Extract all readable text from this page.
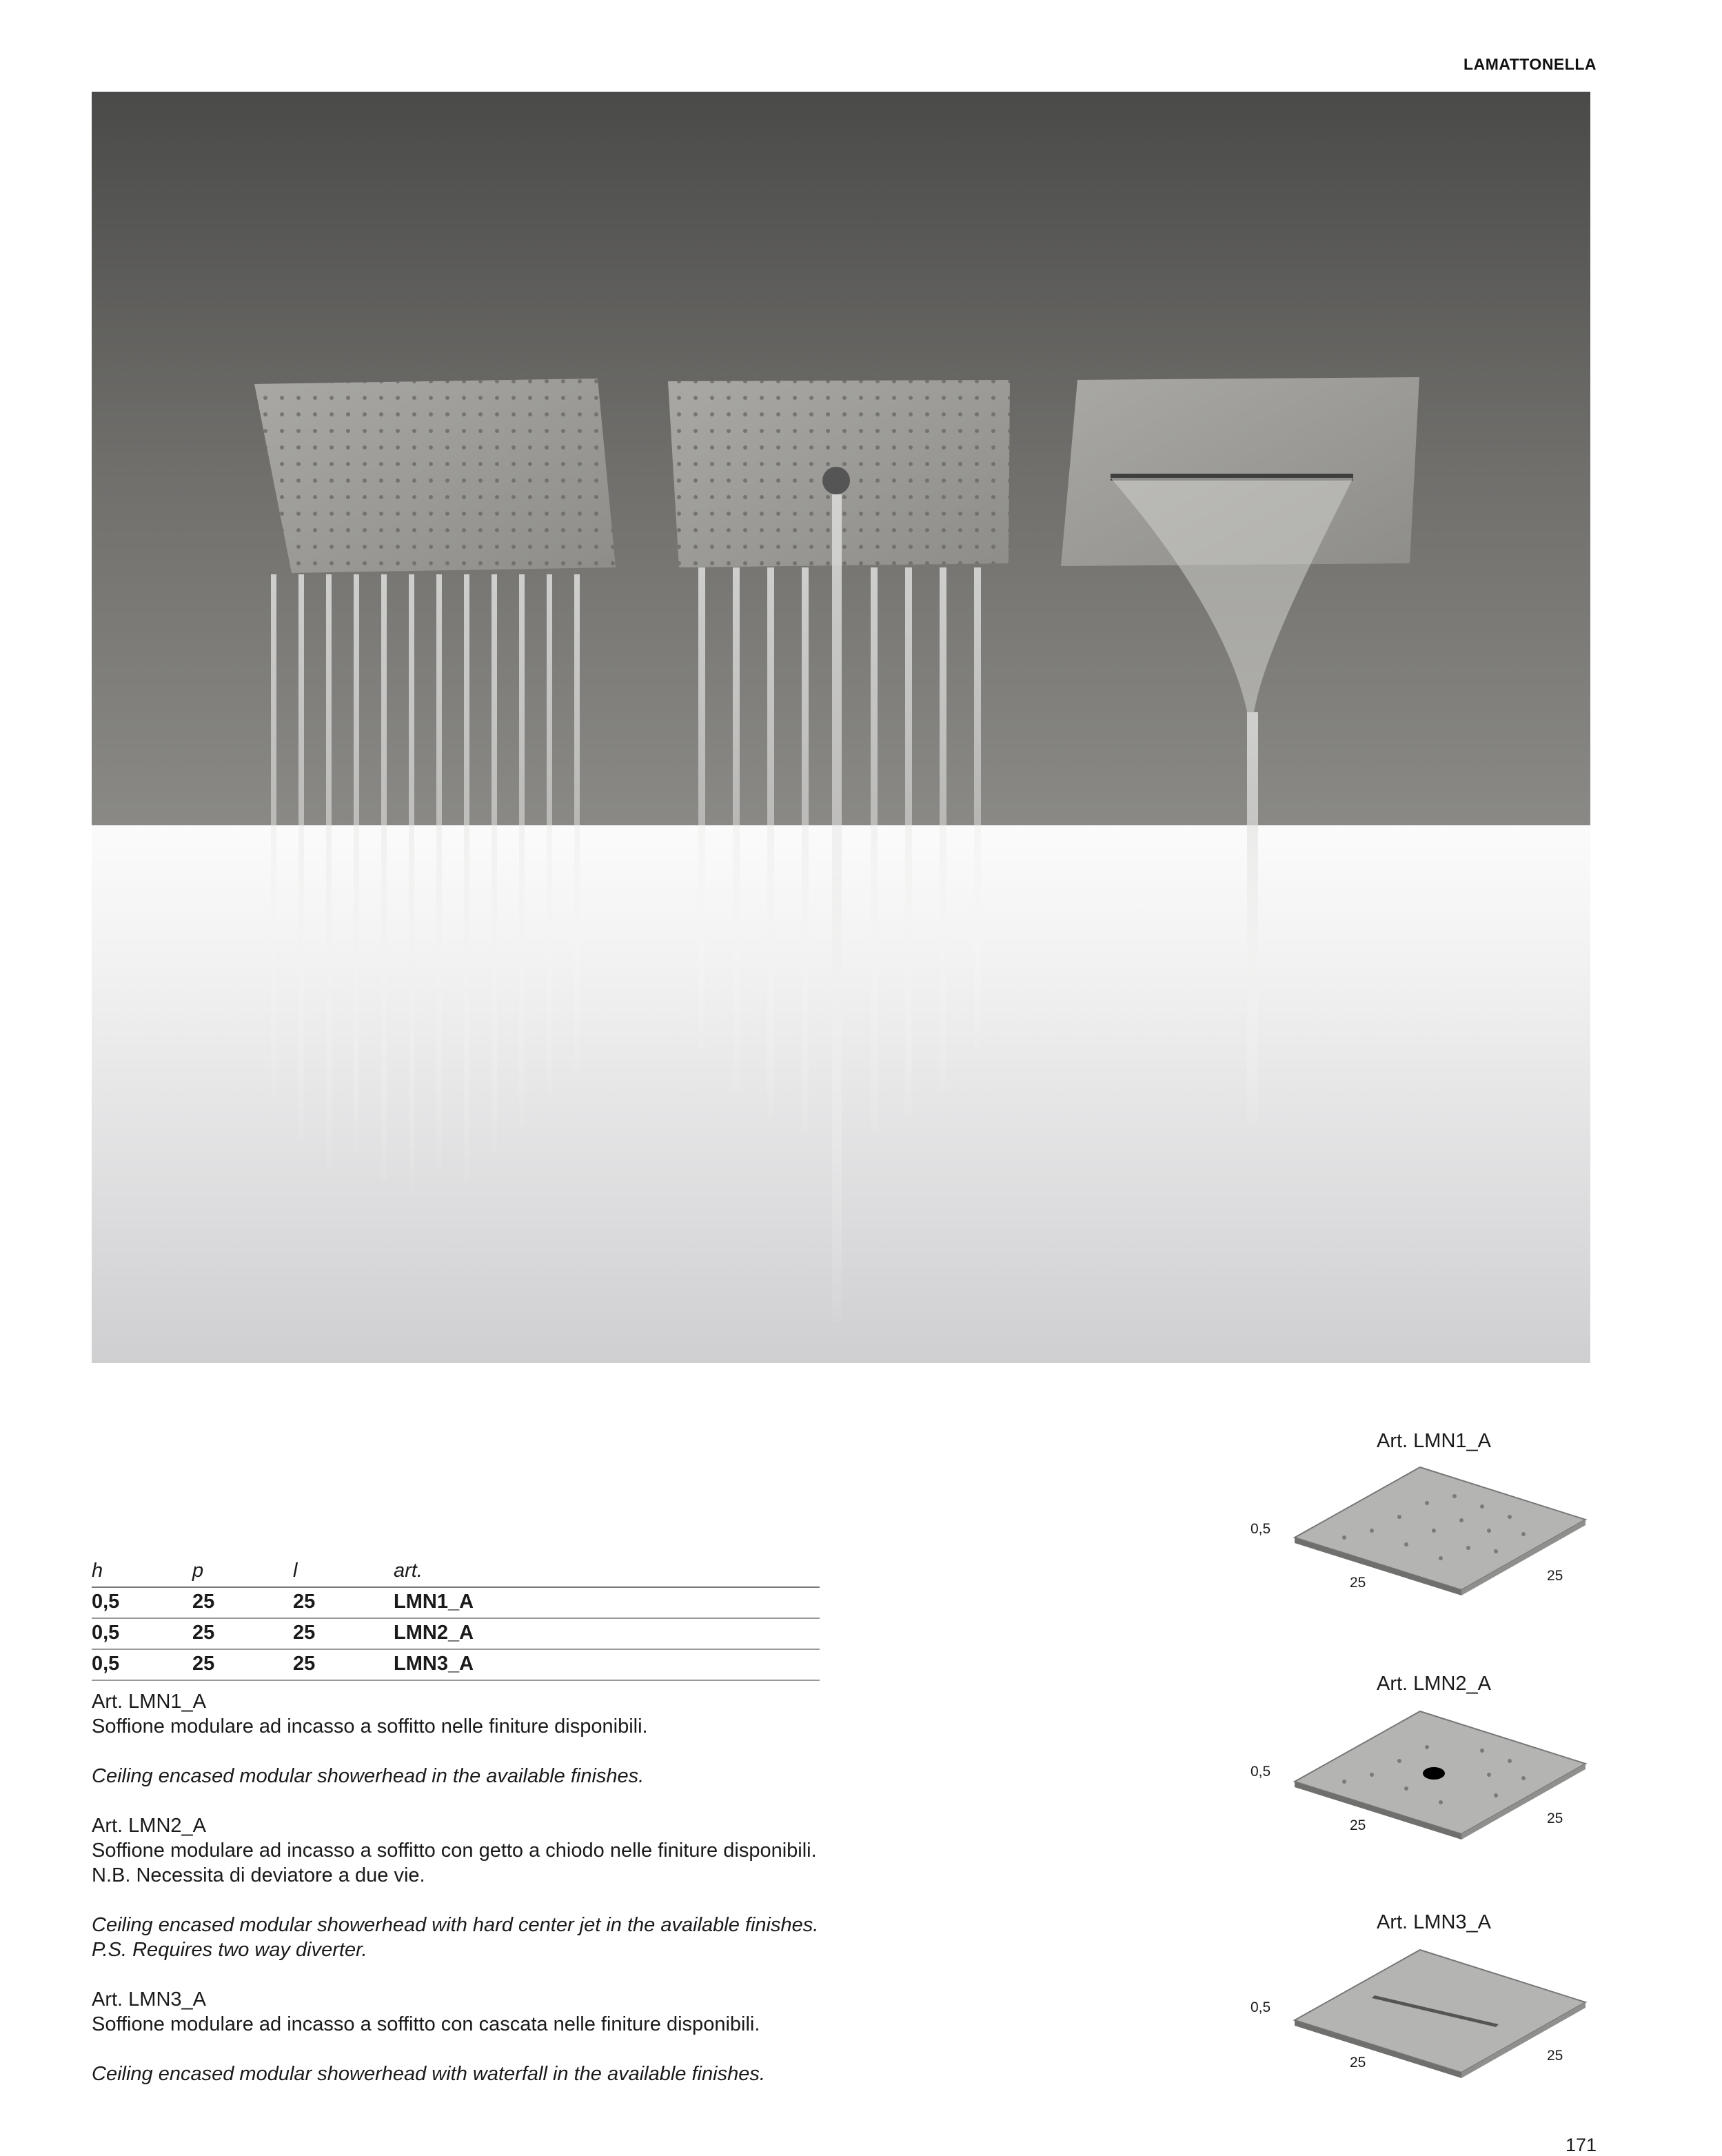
LAMATTONELLA
h	p	l	art.
0,5	25	25	LMN1_A
0,5	25	25	LMN2_A
0,5	25	25	LMN3_A
Art. LMN1_A

Soffione modulare ad incasso a soffitto nelle finiture disponibili.

Ceiling encased modular showerhead in the available finishes.

Art. LMN2_A

Soffione modulare ad incasso a soffitto con getto a chiodo nelle finiture disponibili.
N.B. Necessita di deviatore a due vie.

Ceiling encased modular showerhead with hard center jet in the available finishes.
P.S. Requires two way diverter.

Art. LMN3_A

Soffione modulare ad incasso a soffitto con cascata nelle finiture disponibili.

Ceiling encased modular showerhead with waterfall in the available finishes.

Art. LMN1_A
0,5
25	25
Art. LMN2_A
0,5
25	25
Art. LMN3_A
0,5
25	25
171
